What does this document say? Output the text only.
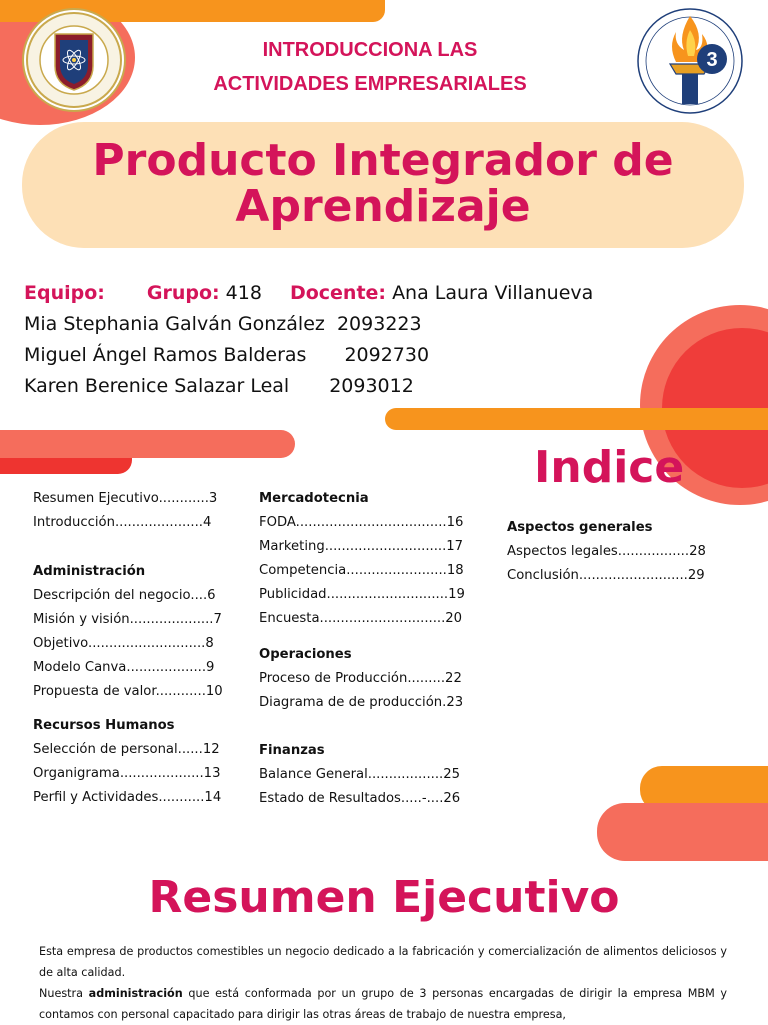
3
INTRODUCCIONA LAS
ACTIVIDADES EMPRESARIALES
Producto Integrador de
Aprendizaje
Equipo: Grupo: 418 Docente: Ana Laura Villanueva
Mia Stephania Galván González 2093223
Miguel Ángel Ramos Balderas 2092730
Karen Berenice Salazar Leal 2093012
Indice
Resumen Ejecutivo............3
Introducción.....................4
Administración
Descripción del negocio....6
Misión y visión....................7
Objetivo............................8
Modelo Canva...................9
Propuesta de valor............10
Recursos Humanos
Selección de personal......12
Organigrama....................13
Perfil y Actividades...........14
Mercadotecnia
FODA....................................16
Marketing.............................17
Competencia........................18
Publicidad.............................19
Encuesta..............................20
Operaciones
Proceso de Producción.........22
Diagrama de de producción.23
Finanzas
Balance General..................25
Estado de Resultados.....-....26
Aspectos generales
Aspectos legales.................28
Conclusión..........................29
Resumen Ejecutivo

Esta empresa de productos comestibles un negocio dedicado a la fabricación y comercialización de alimentos deliciosos y de alta calidad.

Nuestra administración que está conformada por un grupo de 3 personas encargadas de dirigir la empresa MBM y contamos con personal capacitado para dirigir las otras áreas de trabajo de nuestra empresa,
